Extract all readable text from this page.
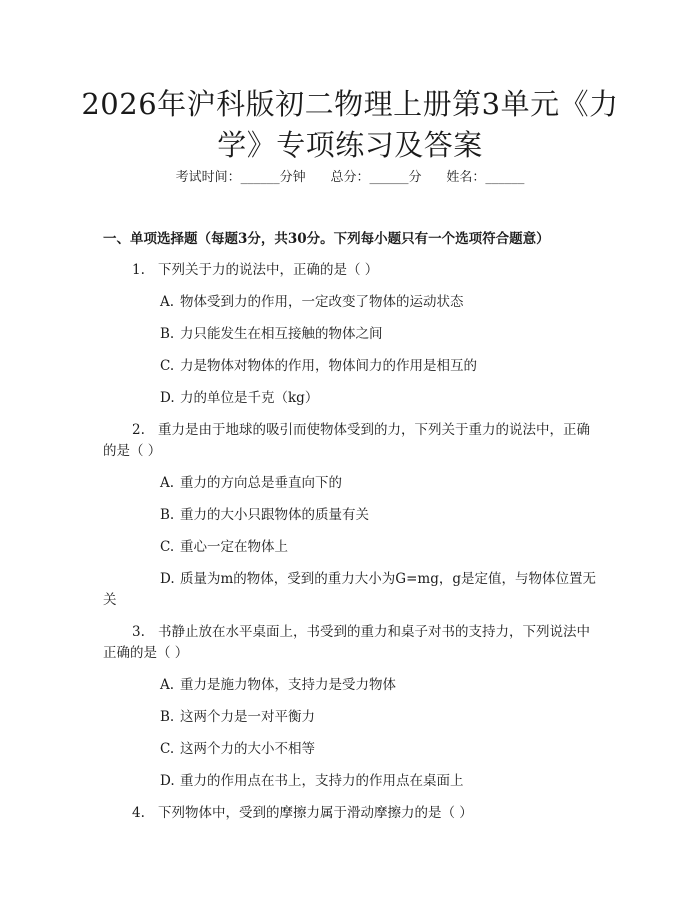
2026年沪科版初二物理上册第3单元《力
学》专项练习及答案
考试时间：______分钟 总分：______分 姓名：______
一、单项选择题（每题3分，共30分。下列每小题只有一个选项符合题意）
1. 下列关于力的说法中，正确的是（ ）
A. 物体受到力的作用，一定改变了物体的运动状态
B. 力只能发生在相互接触的物体之间
C. 力是物体对物体的作用，物体间力的作用是相互的
D. 力的单位是千克（kg）
2. 重力是由于地球的吸引而使物体受到的力，下列关于重力的说法中，正确
的是（ ）
A. 重力的方向总是垂直向下的
B. 重力的大小只跟物体的质量有关
C. 重心一定在物体上
D. 质量为m的物体，受到的重力大小为G=mg，g是定值，与物体位置无
关
3. 书静止放在水平桌面上，书受到的重力和桌子对书的支持力，下列说法中
正确的是（ ）
A. 重力是施力物体，支持力是受力物体
B. 这两个力是一对平衡力
C. 这两个力的大小不相等
D. 重力的作用点在书上，支持力的作用点在桌面上
4. 下列物体中，受到的摩擦力属于滑动摩擦力的是（ ）
